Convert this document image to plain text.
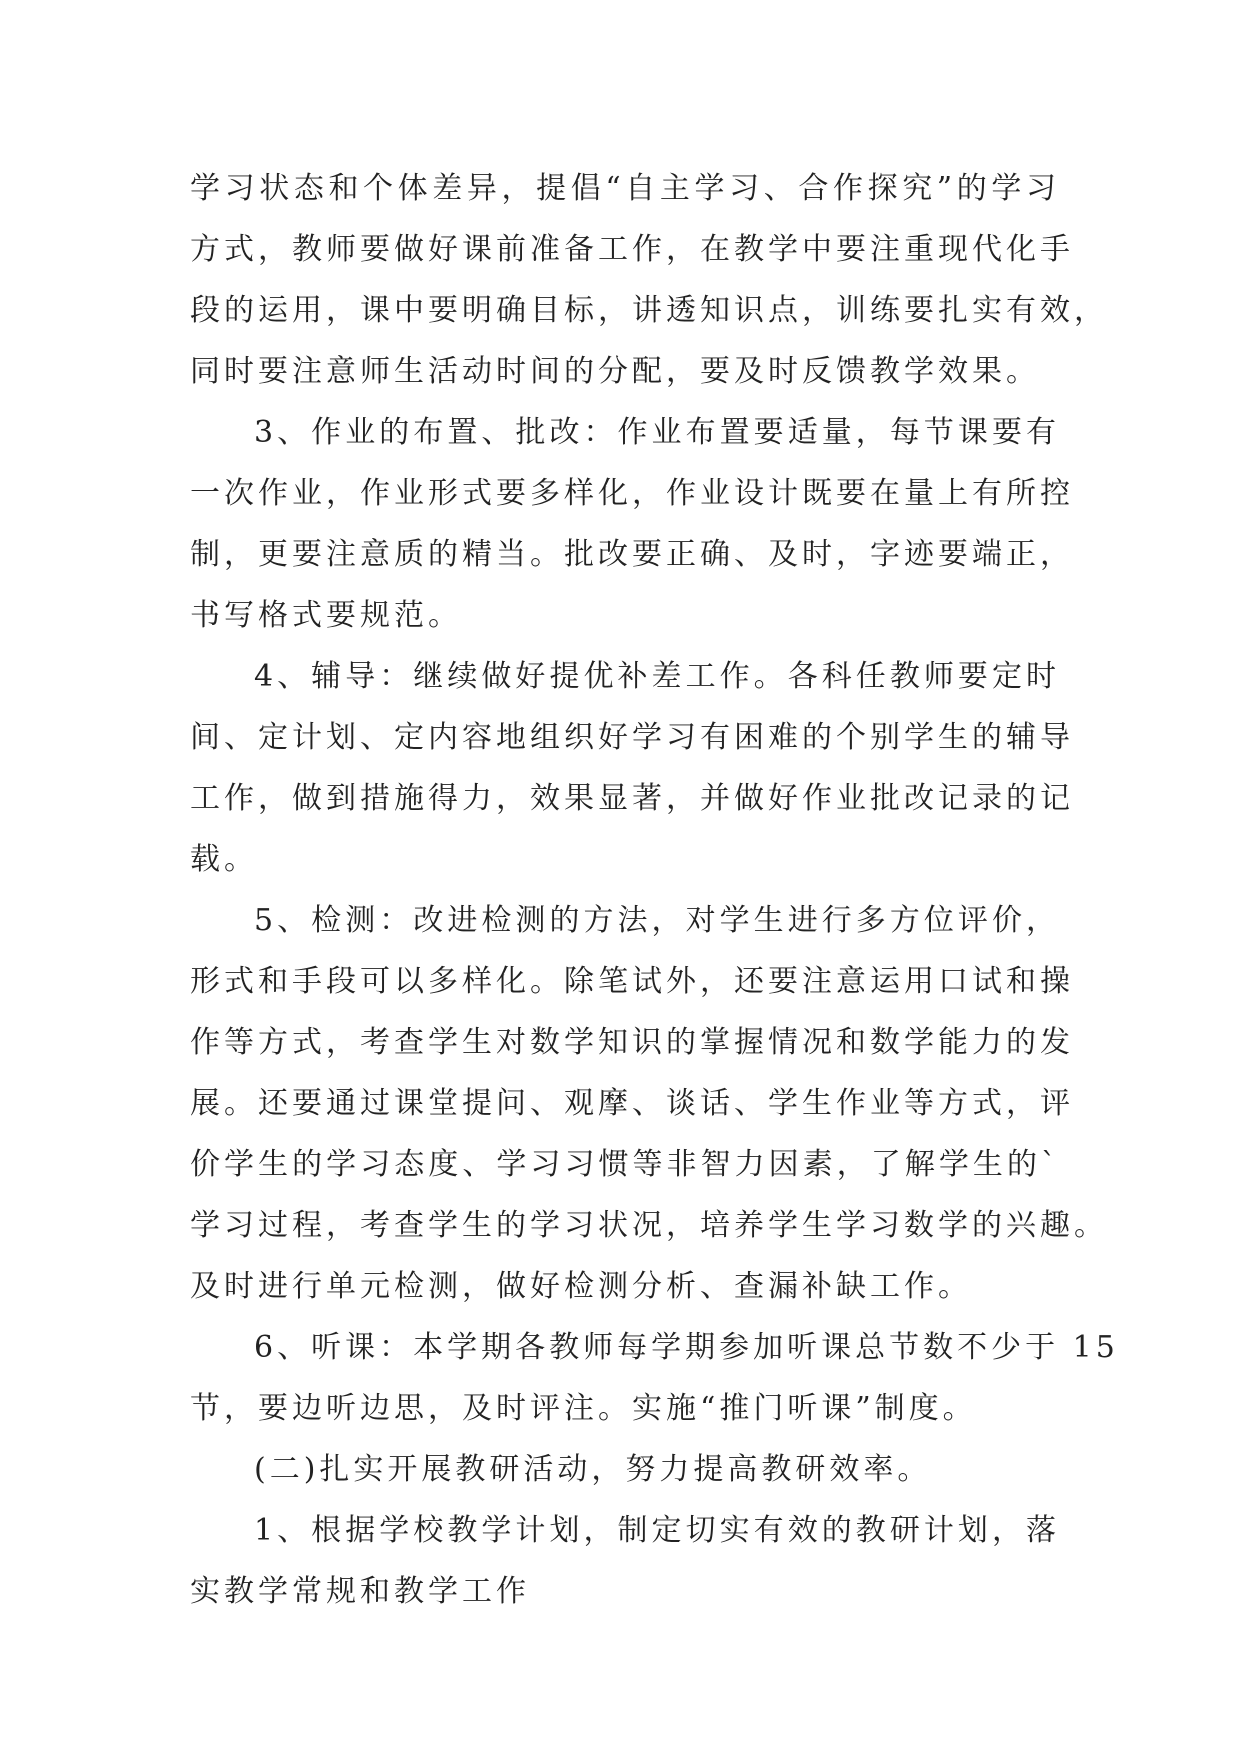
学习状态和个体差异，提倡“自主学习、合作探究”的学习
方式，教师要做好课前准备工作，在教学中要注重现代化手
段的运用，课中要明确目标，讲透知识点，训练要扎实有效，
同时要注意师生活动时间的分配，要及时反馈教学效果。
3、作业的布置、批改：作业布置要适量，每节课要有
一次作业，作业形式要多样化，作业设计既要在量上有所控
制，更要注意质的精当。批改要正确、及时，字迹要端正，
书写格式要规范。
4、辅导：继续做好提优补差工作。各科任教师要定时
间、定计划、定内容地组织好学习有困难的个别学生的辅导
工作，做到措施得力，效果显著，并做好作业批改记录的记
载。
5、检测：改进检测的方法，对学生进行多方位评价，
形式和手段可以多样化。除笔试外，还要注意运用口试和操
作等方式，考查学生对数学知识的掌握情况和数学能力的发
展。还要通过课堂提问、观摩、谈话、学生作业等方式，评
价学生的学习态度、学习习惯等非智力因素，了解学生的`
学习过程，考查学生的学习状况，培养学生学习数学的兴趣。
及时进行单元检测，做好检测分析、查漏补缺工作。
6、听课：本学期各教师每学期参加听课总节数不少于 15
节，要边听边思，及时评注。实施“推门听课”制度。
(二)扎实开展教研活动，努力提高教研效率。
1、根据学校教学计划，制定切实有效的教研计划，落
实教学常规和教学工作
